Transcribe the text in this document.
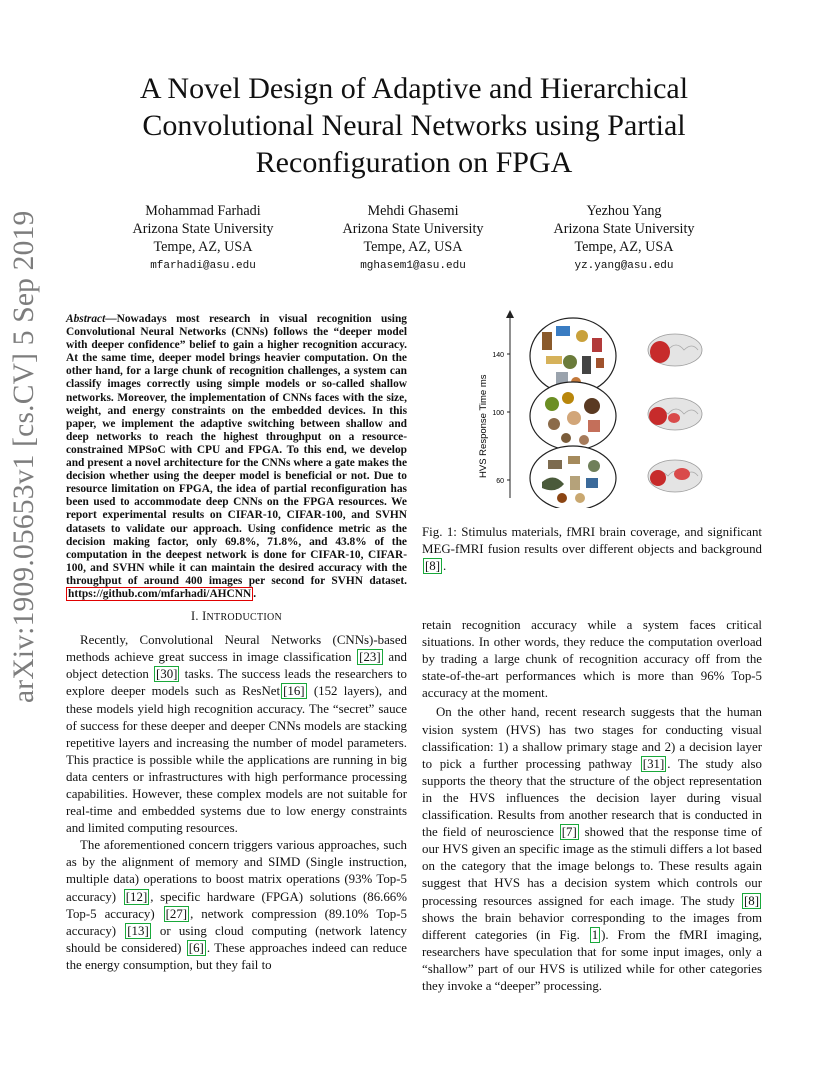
arXiv:1909.05653v1 [cs.CV] 5 Sep 2019
A Novel Design of Adaptive and Hierarchical Convolutional Neural Networks using Partial Reconfiguration on FPGA
Mohammad Farhadi
Arizona State University
Tempe, AZ, USA
mfarhadi@asu.edu
Mehdi Ghasemi
Arizona State University
Tempe, AZ, USA
mghasem1@asu.edu
Yezhou Yang
Arizona State University
Tempe, AZ, USA
yz.yang@asu.edu

Abstract—Nowadays most research in visual recognition using Convolutional Neural Networks (CNNs) follows the “deeper model with deeper confidence” belief to gain a higher recognition accuracy. At the same time, deeper model brings heavier computation. On the other hand, for a large chunk of recognition challenges, a system can classify images correctly using simple models or so-called shallow networks. Moreover, the implementation of CNNs faces with the size, weight, and energy constraints on the embedded devices. In this paper, we implement the adaptive switching between shallow and deep networks to reach the highest throughput on a resource-constrained MPSoC with CPU and FPGA. To this end, we develop and present a novel architecture for the CNNs where a gate makes the decision whether using the deeper model is beneficial or not. Due to resource limitation on FPGA, the idea of partial reconfiguration has been used to accommodate deep CNNs on the FPGA resources. We report experimental results on CIFAR-10, CIFAR-100, and SVHN datasets to validate our approach. Using confidence metric as the decision making factor, only 69.8%, 71.8%, and 43.8% of the computation in the deepest network is done for CIFAR-10, CIFAR-100, and SVHN while it can maintain the desired accuracy with the throughput of around 400 images per second for SVHN dataset. https://github.com/mfarhadi/AHCNN .

I. INTRODUCTION

Recently, Convolutional Neural Networks (CNNs)-based methods achieve great success in image classification [23] and object detection [30] tasks. The success leads the researchers to explore deeper models such as ResNet [16] (152 layers), and these models yield high recognition accuracy. The “secret” sauce of success for these deeper and deeper CNNs models are stacking repetitive layers and increasing the number of model parameters. This practice is possible while the applications are running in big data centers or infrastructures with high performance processing capabilities. However, these complex models are not suitable for real-time and embedded systems due to low energy constraints and limited computing resources.

The aforementioned concern triggers various approaches, such as by the alignment of memory and SIMD (Single instruction, multiple data) operations to boost matrix operations (93% Top-5 accuracy) [12] , specific hardware (FPGA) solutions (86.66% Top-5 accuracy) [27] , network compression (89.10% Top-5 accuracy) [13] or using cloud computing (network latency should be considered) [6] . These approaches indeed can reduce the energy consumption, but they fail to

140
100
60
HVS Response Time ms
Fig. 1: Stimulus materials, fMRI brain coverage, and significant MEG-fMRI fusion results over different objects and background [8] .

retain recognition accuracy while a system faces critical situations. In other words, they reduce the computation overload by trading a large chunk of recognition accuracy off from the state-of-the-art performances which is more than 96% Top-5 accuracy at the moment.

On the other hand, recent research suggests that the human vision system (HVS) has two stages for conducting visual classification: 1) a shallow primary stage and 2) a decision layer to pick a further processing pathway [31] . The study also supports the theory that the structure of the object representation in the HVS influences the decision layer during visual classification. Results from another research that is conducted in the field of neuroscience [7] showed that the response time of our HVS given an specific image as the stimuli differs a lot based on the category that the image belongs to. These results again suggest that HVS has a decision system which controls our processing resources assigned for each image. The study [8] shows the brain behavior corresponding to the images from different categories (in Fig. 1 ). From the fMRI imaging, researchers have speculation that for some input images, only a “shallow” part of our HVS is utilized while for other categories they invoke a “deeper” processing.
